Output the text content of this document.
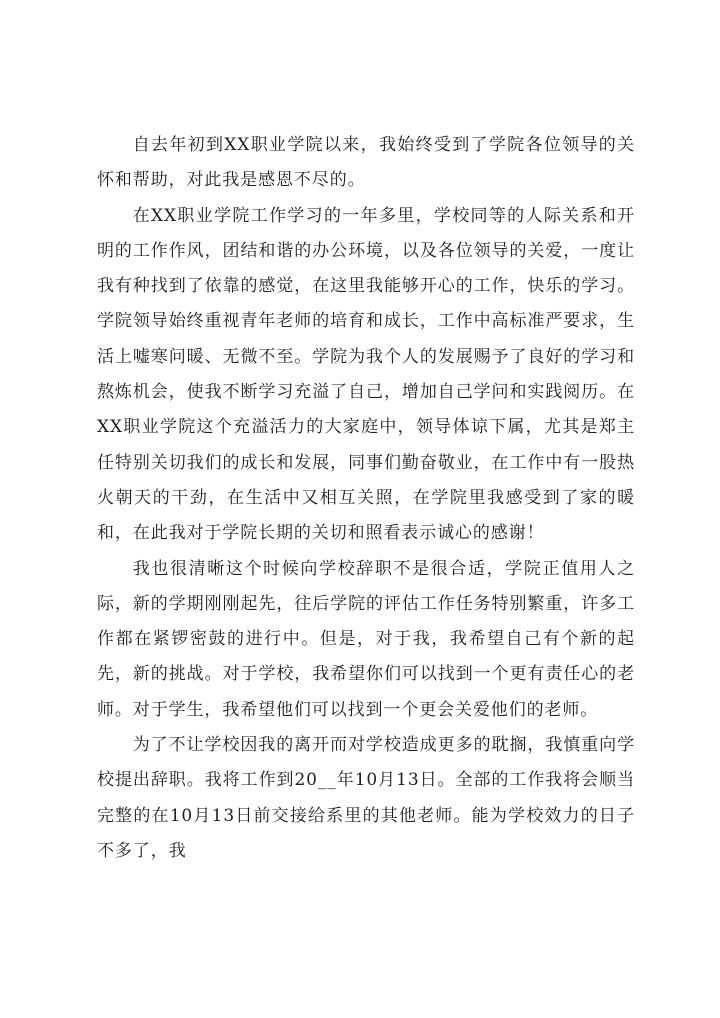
自去年初到XX职业学院以来，我始终受到了学院各位领导的关怀和帮助，对此我是感恩不尽的。

在XX职业学院工作学习的一年多里，学校同等的人际关系和开明的工作作风，团结和谐的办公环境，以及各位领导的关爱，一度让我有种找到了依靠的感觉，在这里我能够开心的工作，快乐的学习。学院领导始终重视青年老师的培育和成长，工作中高标准严要求，生活上嘘寒问暖、无微不至。学院为我个人的发展赐予了良好的学习和熬炼机会，使我不断学习充溢了自己，增加自己学问和实践阅历。在XX职业学院这个充溢活力的大家庭中，领导体谅下属，尤其是郑主任特别关切我们的成长和发展，同事们勤奋敬业，在工作中有一股热火朝天的干劲，在生活中又相互关照，在学院里我感受到了家的暖和，在此我对于学院长期的关切和照看表示诚心的感谢！

我也很清晰这个时候向学校辞职不是很合适，学院正值用人之际，新的学期刚刚起先，往后学院的评估工作任务特别繁重，许多工作都在紧锣密鼓的进行中。但是，对于我，我希望自己有个新的起先，新的挑战。对于学校，我希望你们可以找到一个更有责任心的老师。对于学生，我希望他们可以找到一个更会关爱他们的老师。

为了不让学校因我的离开而对学校造成更多的耽搁，我慎重向学校提出辞职。我将工作到20__年10月13日。全部的工作我将会顺当完整的在10月13日前交接给系里的其他老师。能为学校效力的日子不多了，我
